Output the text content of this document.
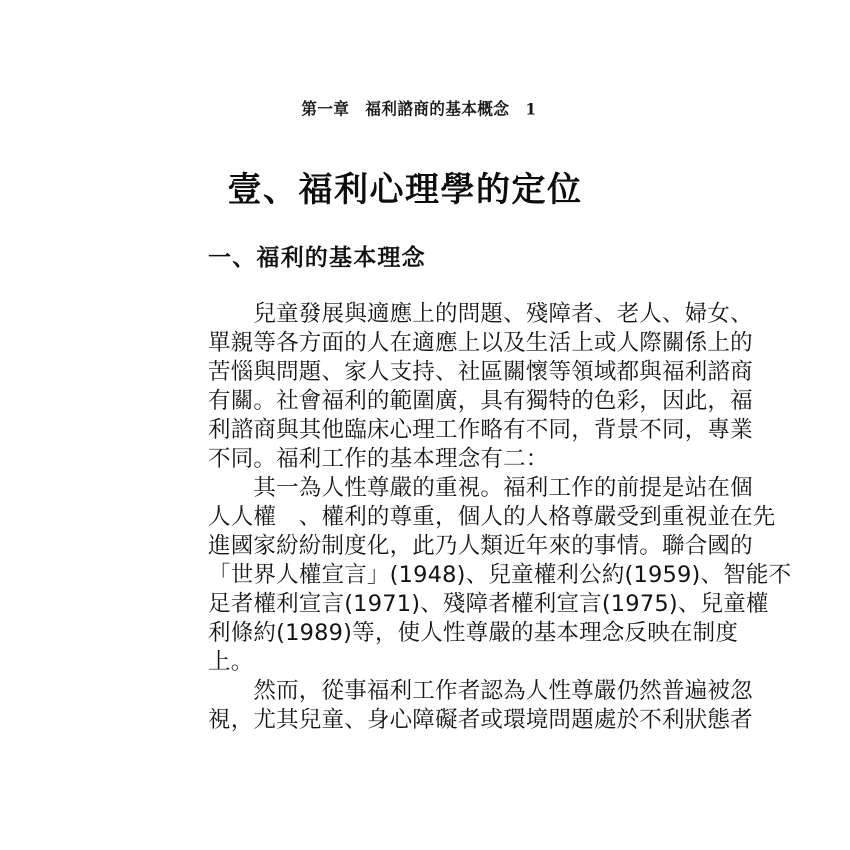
第一章　福利諮商的基本概念　1
壹、福利心理學的定位
一、福利的基本理念
　　兒童發展與適應上的問題、殘障者、老人、婦女、
單親等各方面的人在適應上以及生活上或人際關係上的
苦惱與問題、家人支持、社區關懷等領域都與福利諮商
有關。社會福利的範圍廣，具有獨特的色彩，因此，福
利諮商與其他臨床心理工作略有不同，背景不同，專業
不同。福利工作的基本理念有二：
　　其一為人性尊嚴的重視。福利工作的前提是站在個
人人權　、權利的尊重，個人的人格尊嚴受到重視並在先
進國家紛紛制度化，此乃人類近年來的事情。聯合國的
「世界人權宣言」(1948)、兒童權利公約(1959)、智能不
足者權利宣言(1971)、殘障者權利宣言(1975)、兒童權
利條約(1989)等，使人性尊嚴的基本理念反映在制度
上。
　　然而，從事福利工作者認為人性尊嚴仍然普遍被忽
視，尤其兒童、身心障礙者或環境問題處於不利狀態者
